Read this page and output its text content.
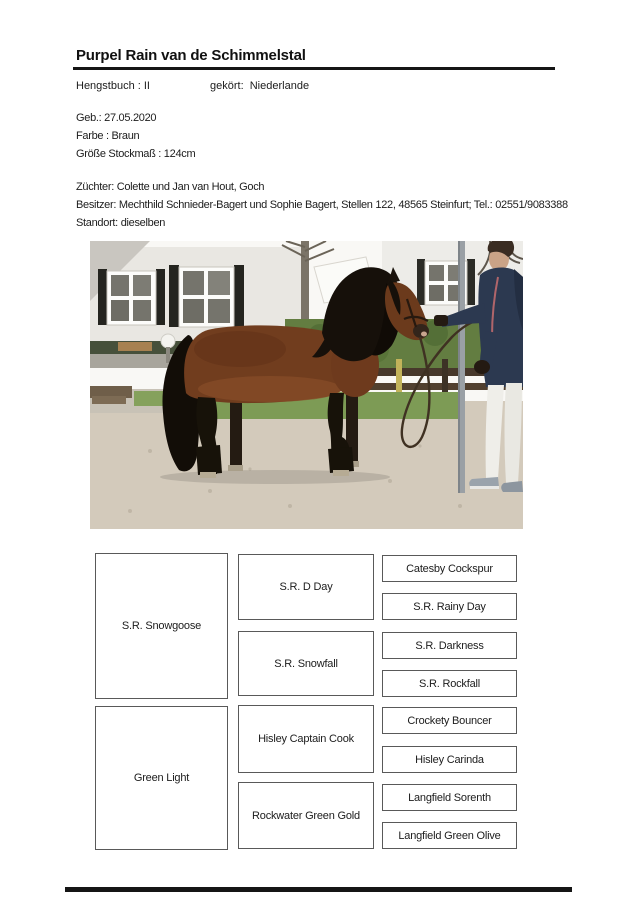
Purpel Rain van de Schimmelstal
Hengstbuch : II	gekört:  Niederlande
Geb.: 27.05.2020
Farbe : Braun
Größe Stockmaß : 124cm
Züchter: Colette und Jan van Hout, Goch
Besitzer: Mechthild Schnieder-Bagert und Sophie Bagert, Stellen 122, 48565 Steinfurt; Tel.: 02551/9083388
Standort: dieselben
S.R. Snowgoose
Green Light
S.R. D Day
S.R. Snowfall
Hisley Captain Cook
Rockwater Green Gold
Catesby Cockspur
S.R. Rainy Day
S.R. Darkness
S.R. Rockfall
Crockety Bouncer
Hisley Carinda
Langfield Sorenth
Langfield Green Olive
